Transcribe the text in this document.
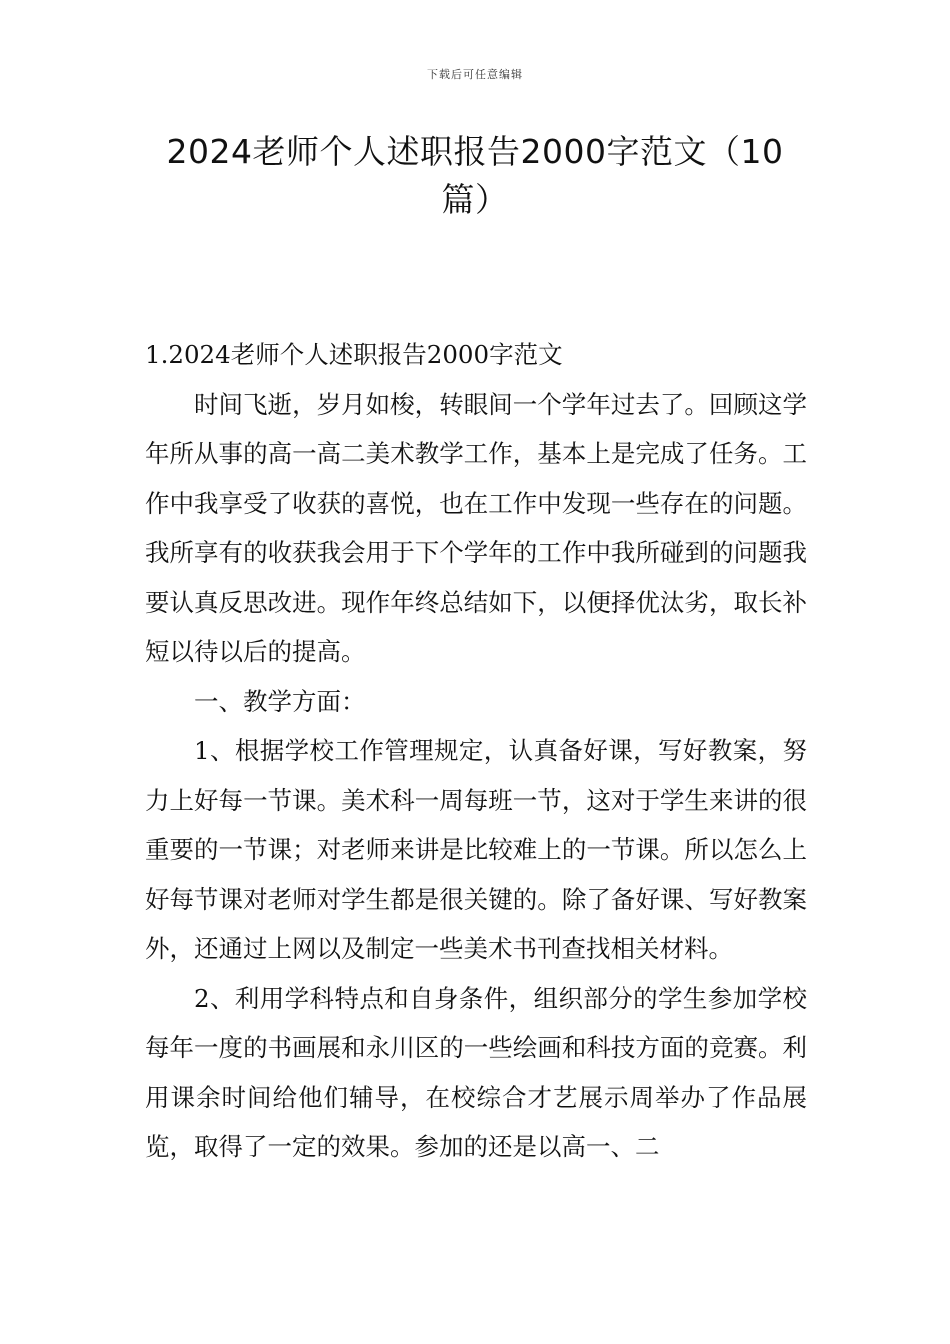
下载后可任意编辑
2024老师个人述职报告2000字范文（10篇）

1.2024老师个人述职报告2000字范文

时间飞逝，岁月如梭，转眼间一个学年过去了。回顾这学年所从事的高一高二美术教学工作，基本上是完成了任务。工作中我享受了收获的喜悦，也在工作中发现一些存在的问题。我所享有的收获我会用于下个学年的工作中我所碰到的问题我要认真反思改进。现作年终总结如下，以便择优汰劣，取长补短以待以后的提高。

一、教学方面：

1、根据学校工作管理规定，认真备好课，写好教案，努力上好每一节课。美术科一周每班一节，这对于学生来讲的很重要的一节课；对老师来讲是比较难上的一节课。所以怎么上好每节课对老师对学生都是很关键的。除了备好课、写好教案外，还通过上网以及制定一些美术书刊查找相关材料。

2、利用学科特点和自身条件，组织部分的学生参加学校每年一度的书画展和永川区的一些绘画和科技方面的竞赛。利用课余时间给他们辅导，在校综合才艺展示周举办了作品展览，取得了一定的效果。参加的还是以高一、二
